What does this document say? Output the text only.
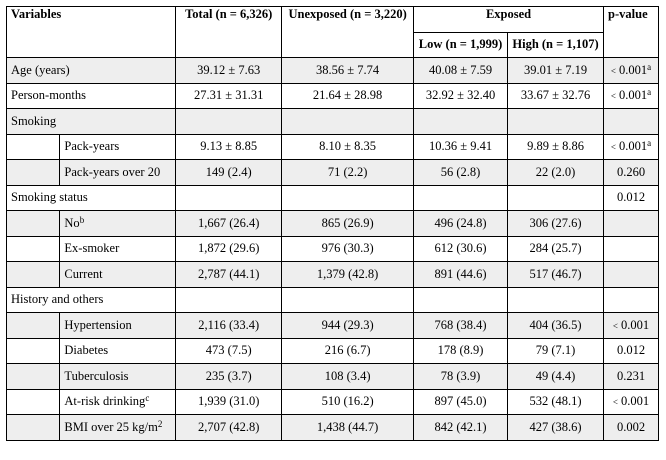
Variables		Total (n = 6,326)	Unexposed (n = 3,220)	Exposed		p-value
				Low (n = 1,999)	High (n = 1,107)	
Age (years)		39.12 ± 7.63	38.56 ± 7.74	40.08 ± 7.59	39.01 ± 7.19	< 0.001$^a$
Person-months		27.31 ± 31.31	21.64 ± 28.98	32.92 ± 32.40	33.67 ± 32.76	< 0.001$^a$
Smoking						
	Pack-years	9.13 ± 8.85	8.10 ± 8.35	10.36 ± 9.41	9.89 ± 8.86	< 0.001$^a$
	Pack-years over 20	149 (2.4)	71 (2.2)	56 (2.8)	22 (2.0)	0.260
Smoking status						0.012
	No$^b$	1,667 (26.4)	865 (26.9)	496 (24.8)	306 (27.6)	
	Ex-smoker	1,872 (29.6)	976 (30.3)	612 (30.6)	284 (25.7)	
	Current	2,787 (44.1)	1,379 (42.8)	891 (44.6)	517 (46.7)	
History and others						
	Hypertension	2,116 (33.4)	944 (29.3)	768 (38.4)	404 (36.5)	< 0.001
	Diabetes	473 (7.5)	216 (6.7)	178 (8.9)	79 (7.1)	0.012
	Tuberculosis	235 (3.7)	108 (3.4)	78 (3.9)	49 (4.4)	0.231
	At-risk drinking$^c$	1,939 (31.0)	510 (16.2)	897 (45.0)	532 (48.1)	< 0.001
	BMI over 25 $kg/m^2$	2,707 (42.8)	1,438 (44.7)	842 (42.1)	427 (38.6)	0.002
